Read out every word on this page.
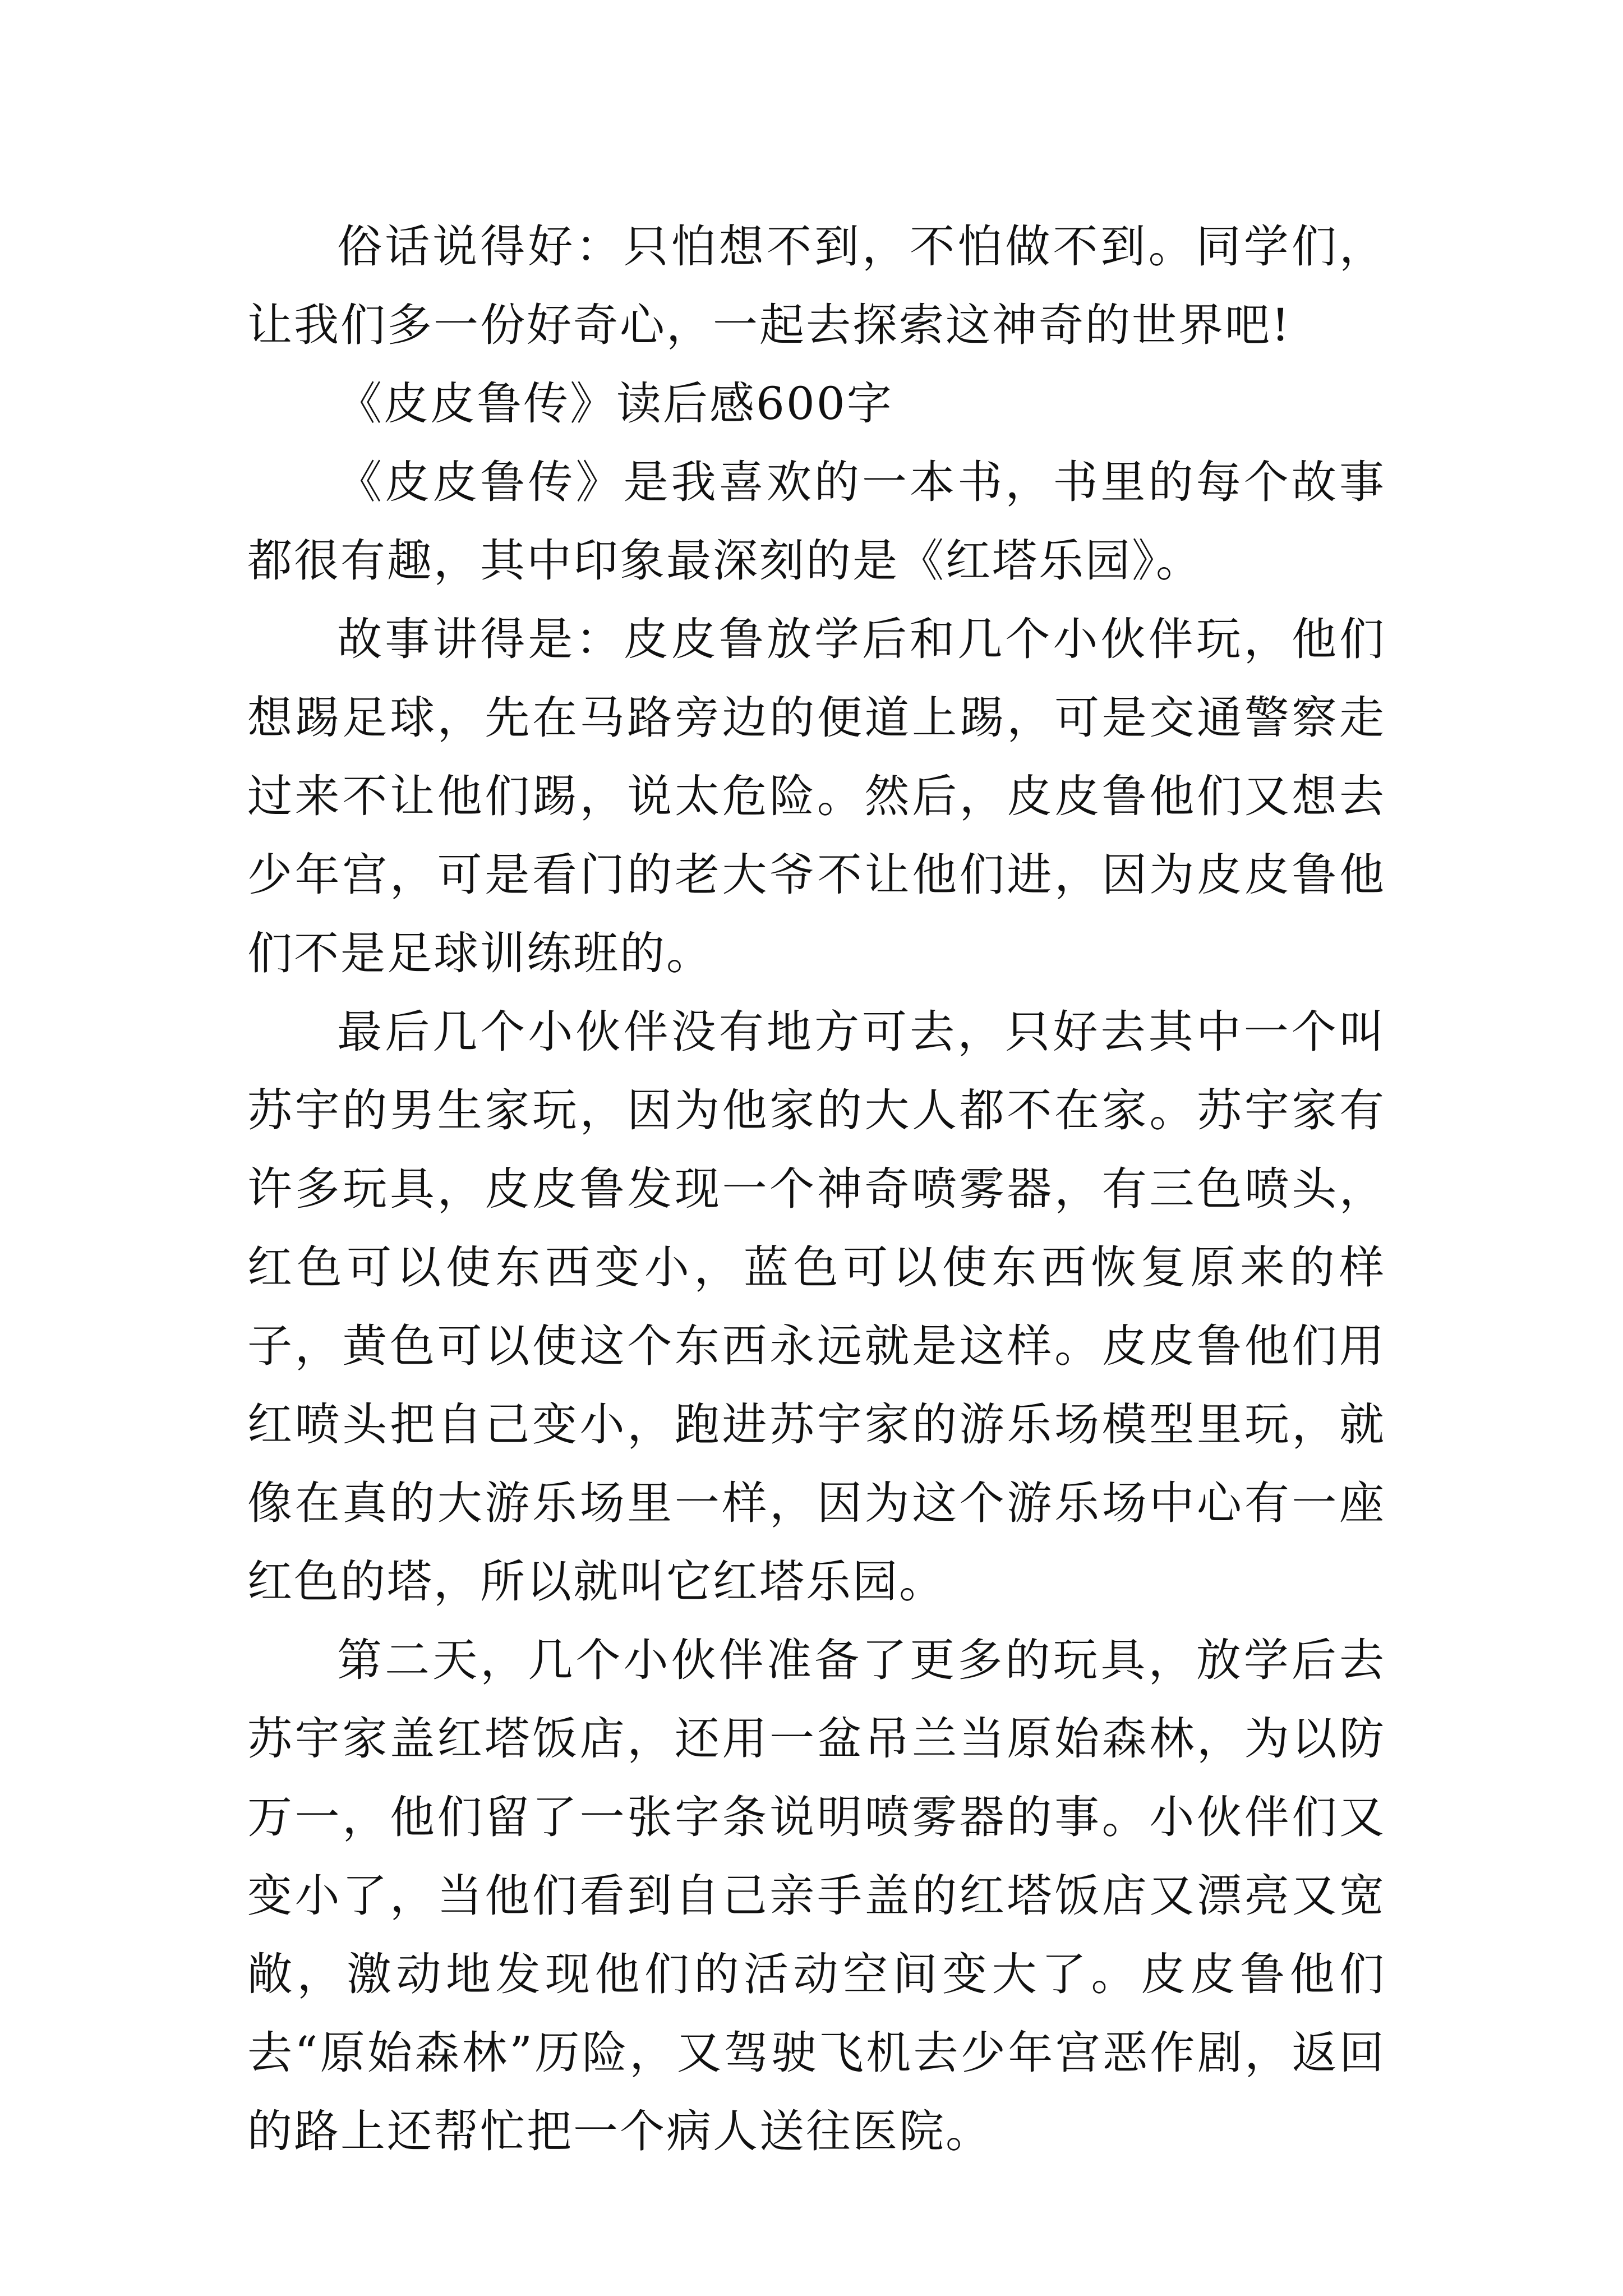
俗话说得好：只怕想不到，不怕做不到。同学们，让我们多一份好奇心，一起去探索这神奇的世界吧!

《皮皮鲁传》读后感600字

《皮皮鲁传》是我喜欢的一本书，书里的每个故事都很有趣，其中印象最深刻的是《红塔乐园》。

故事讲得是：皮皮鲁放学后和几个小伙伴玩，他们想踢足球，先在马路旁边的便道上踢，可是交通警察走过来不让他们踢，说太危险。然后，皮皮鲁他们又想去少年宫，可是看门的老大爷不让他们进，因为皮皮鲁他们不是足球训练班的。

最后几个小伙伴没有地方可去，只好去其中一个叫苏宇的男生家玩，因为他家的大人都不在家。苏宇家有许多玩具，皮皮鲁发现一个神奇喷雾器，有三色喷头，红色可以使东西变小，蓝色可以使东西恢复原来的样子，黄色可以使这个东西永远就是这样。皮皮鲁他们用红喷头把自己变小，跑进苏宇家的游乐场模型里玩，就像在真的大游乐场里一样，因为这个游乐场中心有一座红色的塔，所以就叫它红塔乐园。

第二天，几个小伙伴准备了更多的玩具，放学后去苏宇家盖红塔饭店，还用一盆吊兰当原始森林，为以防万一，他们留了一张字条说明喷雾器的事。小伙伴们又变小了，当他们看到自己亲手盖的红塔饭店又漂亮又宽敞，激动地发现他们的活动空间变大了。皮皮鲁他们去“原始森林”历险，又驾驶飞机去少年宫恶作剧，返回的路上还帮忙把一个病人送往医院。
